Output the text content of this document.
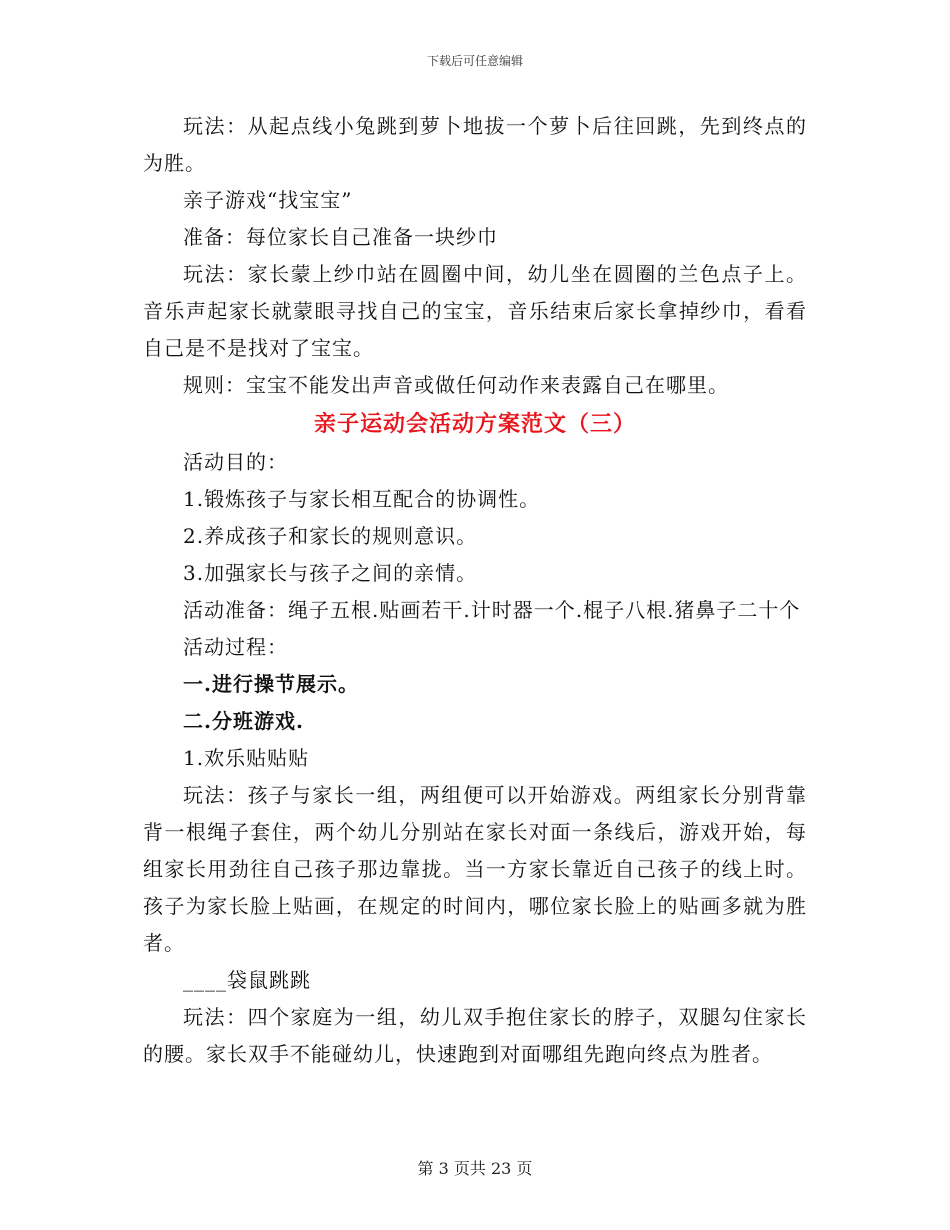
下载后可任意编辑

玩法：从起点线小兔跳到萝卜地拔一个萝卜后往回跳，先到终点的为胜。

亲子游戏“找宝宝”

准备：每位家长自己准备一块纱巾

玩法：家长蒙上纱巾站在圆圈中间，幼儿坐在圆圈的兰色点子上。音乐声起家长就蒙眼寻找自己的宝宝，音乐结束后家长拿掉纱巾，看看自己是不是找对了宝宝。

规则：宝宝不能发出声音或做任何动作来表露自己在哪里。

亲子运动会活动方案范文（三）

活动目的：

1.锻炼孩子与家长相互配合的协调性。

2.养成孩子和家长的规则意识。

3.加强家长与孩子之间的亲情。

活动准备：绳子五根.贴画若干.计时器一个.棍子八根.猪鼻子二十个

活动过程：

一.进行操节展示。

二.分班游戏.

1.欢乐贴贴贴

玩法：孩子与家长一组，两组便可以开始游戏。两组家长分别背靠背一根绳子套住，两个幼儿分别站在家长对面一条线后，游戏开始，每组家长用劲往自己孩子那边靠拢。当一方家长靠近自己孩子的线上时。孩子为家长脸上贴画，在规定的时间内，哪位家长脸上的贴画多就为胜者。

____袋鼠跳跳

玩法：四个家庭为一组，幼儿双手抱住家长的脖子，双腿勾住家长的腰。家长双手不能碰幼儿，快速跑到对面哪组先跑向终点为胜者。

第 3 页共 23 页
